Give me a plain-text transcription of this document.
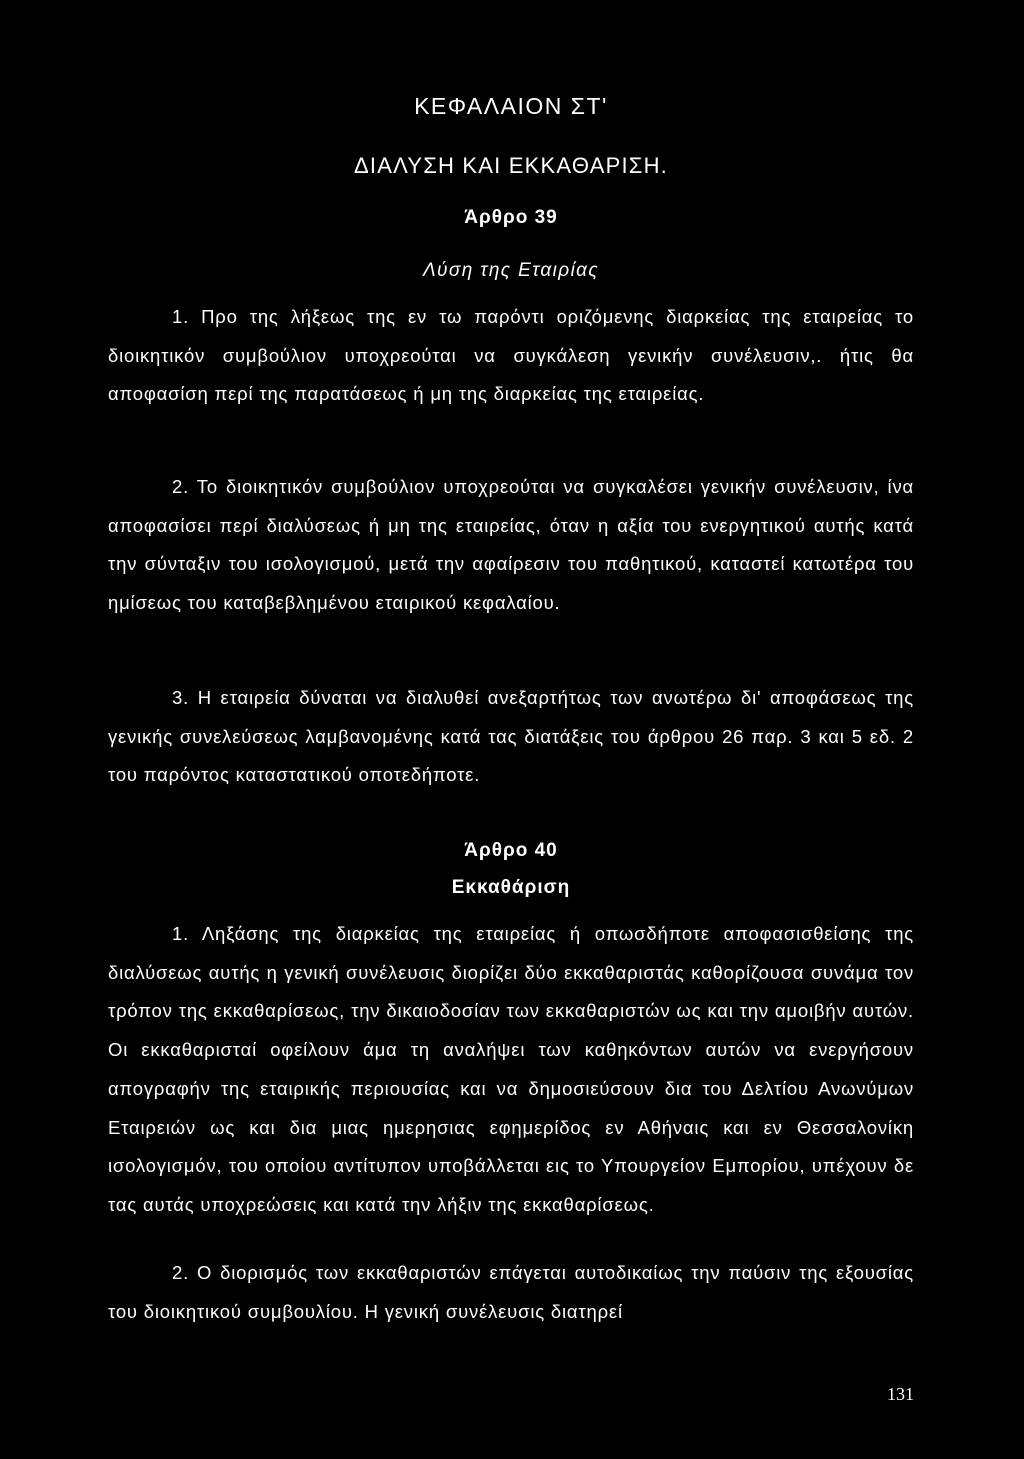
ΚΕΦΑΛΑΙΟΝ ΣΤ'
ΔΙΑΛΥΣΗ ΚΑΙ ΕΚΚΑΘΑΡΙΣΗ.
Άρθρο 39
Λύση της Εταιρίας

1. Προ της λήξεως της εν τω παρόντι οριζόμενης διαρκείας της εταιρείας το διοικητικόν συμβούλιον υποχρεούται να συγκάλεση γενικήν συνέλευσιν,. ήτις θα αποφασίση περί της παρατάσεως ή μη της διαρκείας της εταιρείας.

2. Το διοικητικόν συμβούλιον υποχρεούται να συγκαλέσει γενικήν συνέλευσιν, ίνα αποφασίσει περί διαλύσεως ή μη της εταιρείας, όταν η αξία του ενεργητικού αυτής κατά την σύνταξιν του ισολογισμού, μετά την αφαίρεσιν του παθητικού, καταστεί κατωτέρα του ημίσεως του καταβεβλημένου εταιρικού κεφαλαίου.

3. Η εταιρεία δύναται να διαλυθεί ανεξαρτήτως των ανωτέρω δι' αποφάσεως της γενικής συνελεύσεως λαμβανομένης κατά τας διατάξεις του άρθρου 26 παρ. 3 και 5 εδ. 2 του παρόντος καταστατικού οποτεδήποτε.

Άρθρο 40
Εκκαθάριση

1. Ληξάσης της διαρκείας της εταιρείας ή οπωσδήποτε αποφασισθείσης της διαλύσεως αυτής η γενική συνέλευσις διορίζει δύο εκκαθαριστάς καθορίζουσα συνάμα τον τρόπον της εκκαθαρίσεως, την δικαιοδοσίαν των εκκαθαριστών ως και την αμοιβήν αυτών. Οι εκκαθαρισταί οφείλουν άμα τη αναλήψει των καθηκόντων αυτών να ενεργήσουν απογραφήν της εταιρικής περιουσίας και να δημοσιεύσουν δια του Δελτίου Ανωνύμων Εταιρειών ως και δια μιας ημερησιας εφημερίδος εν Αθήναις και εν Θεσσαλονίκη ισολογισμόν, του οποίου αντίτυπον υποβάλλεται εις το Υπουργείον Εμπορίου, υπέχουν δε τας αυτάς υποχρεώσεις και κατά την λήξιν της εκκαθαρίσεως.

2. Ο διορισμός των εκκαθαριστών επάγεται αυτοδικαίως την παύσιν της εξουσίας του διοικητικού συμβουλίου. Η γενική συνέλευσις διατηρεί

131
